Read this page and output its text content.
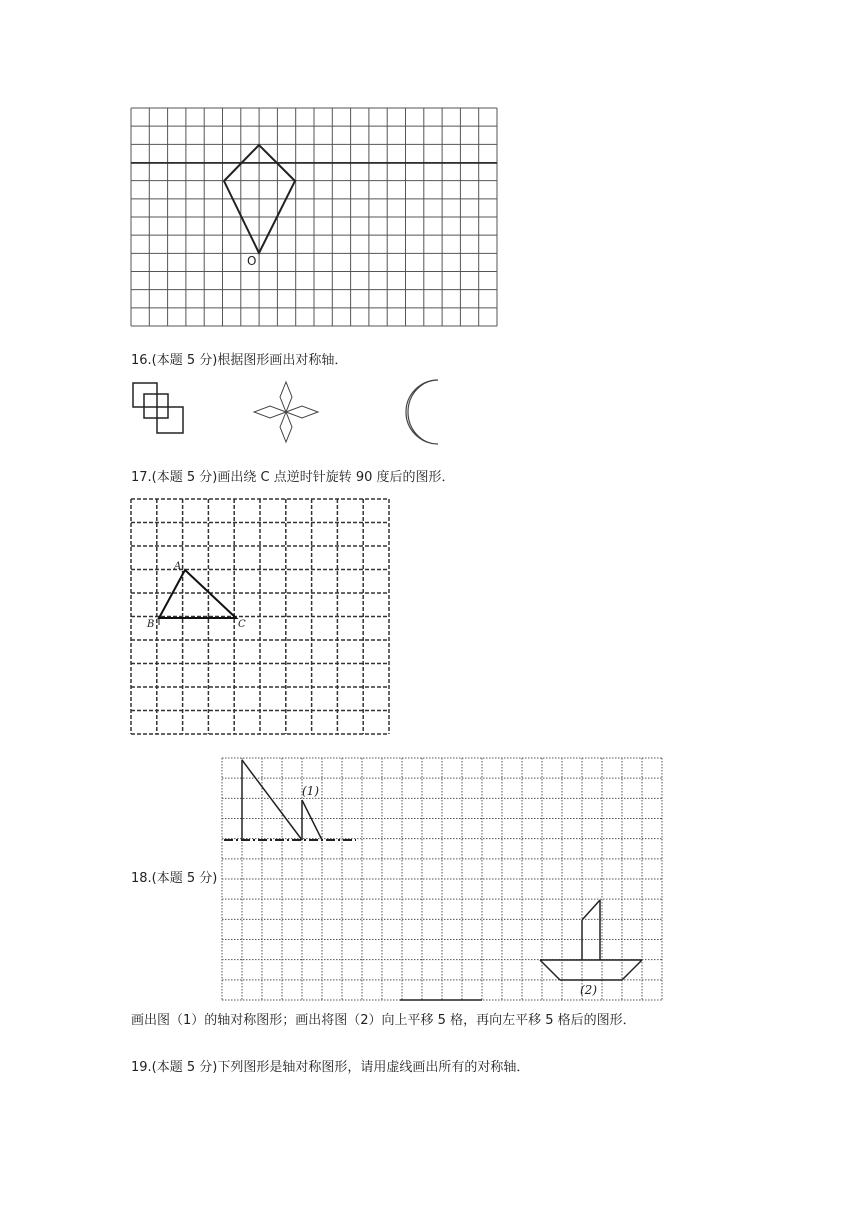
O
16.(本题 5 分)根据图形画出对称轴．
17.(本题 5 分)画出绕 C 点逆时针旋转 90 度后的图形．
A
B	C
18.(本题 5 分)
(1)
(2)
画出图（1）的轴对称图形；画出将图（2）向上平移 5 格，再向左平移 5 格后的图形．
19.(本题 5 分)下列图形是轴对称图形，请用虚线画出所有的对称轴．
